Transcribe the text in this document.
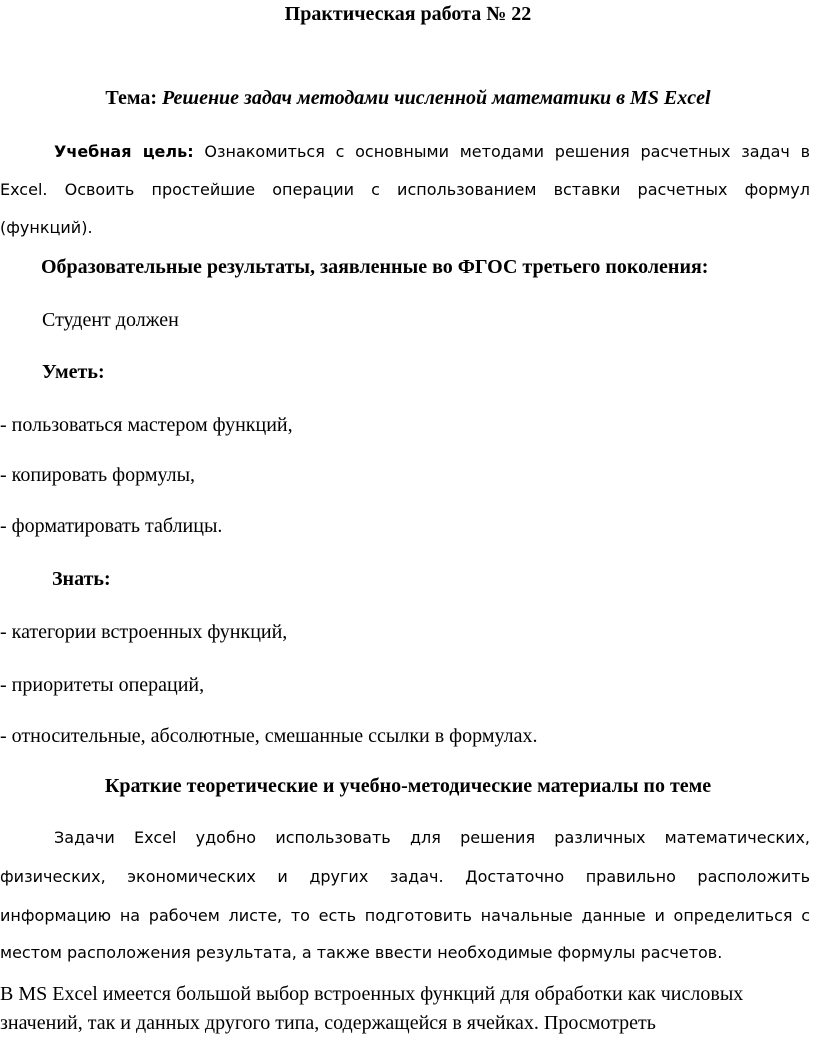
Практическая работа № 22
Тема: Решение задач методами численной математики в MS Excel
Учебная цель: Ознакомиться с основными методами решения расчетных задач в
Excel. Освоить простейшие операции с использованием вставки расчетных формул
(функций).
Образовательные результаты, заявленные во ФГОС третьего поколения:
Студент должен
Уметь:
- пользоваться мастером функций,
- копировать формулы,
- форматировать таблицы.
Знать:
- категории встроенных функций,
- приоритеты операций,
- относительные, абсолютные, смешанные ссылки в формулах.
Краткие теоретические и учебно-методические материалы по теме
Задачи Excel удобно использовать для решения различных математических,
физических, экономических и других задач. Достаточно правильно расположить
информацию на рабочем листе, то есть подготовить начальные данные и определиться с
местом расположения результата, а также ввести необходимые формулы расчетов.
В MS Excel имеется большой выбор встроенных функций для обработки как числовых
значений, так и данных другого типа, содержащейся в ячейках. Просмотреть
